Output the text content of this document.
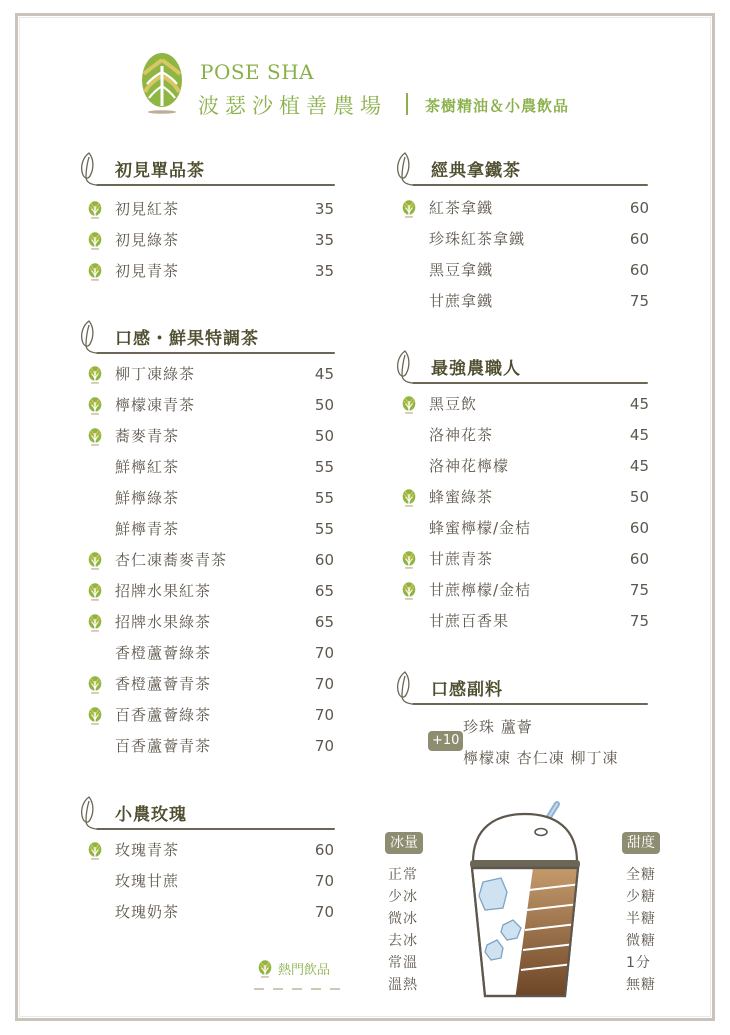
POSE SHA
波瑟沙植善農場	茶樹精油＆小農飲品
初見單品茶
初見紅茶	35
初見綠茶	35
初見青茶	35
口感・鮮果特調茶
柳丁凍綠茶	45
檸檬凍青茶	50
蕎麥青茶	50
鮮檸紅茶	55
鮮檸綠茶	55
鮮檸青茶	55
杏仁凍蕎麥青茶	60
招牌水果紅茶	65
招牌水果綠茶	65
香橙蘆薈綠茶	70
香橙蘆薈青茶	70
百香蘆薈綠茶	70
百香蘆薈青茶	70
小農玫瑰
玫瑰青茶	60
玫瑰甘蔗	70
玫瑰奶茶	70
熱門飲品
經典拿鐵茶
紅茶拿鐵	60
珍珠紅茶拿鐵	60
黑豆拿鐵	60
甘蔗拿鐵	75
最強農職人
黑豆飲	45
洛神花茶	45
洛神花檸檬	45
蜂蜜綠茶	50
蜂蜜檸檬/金桔	60
甘蔗青茶	60
甘蔗檸檬/金桔	75
甘蔗百香果	75
口感副料
+10
珍珠 蘆薈
檸檬凍 杏仁凍 柳丁凍
冰量
正常
少冰
微冰
去冰
常溫
溫熱
甜度
全糖
少糖
半糖
微糖
1分
無糖
